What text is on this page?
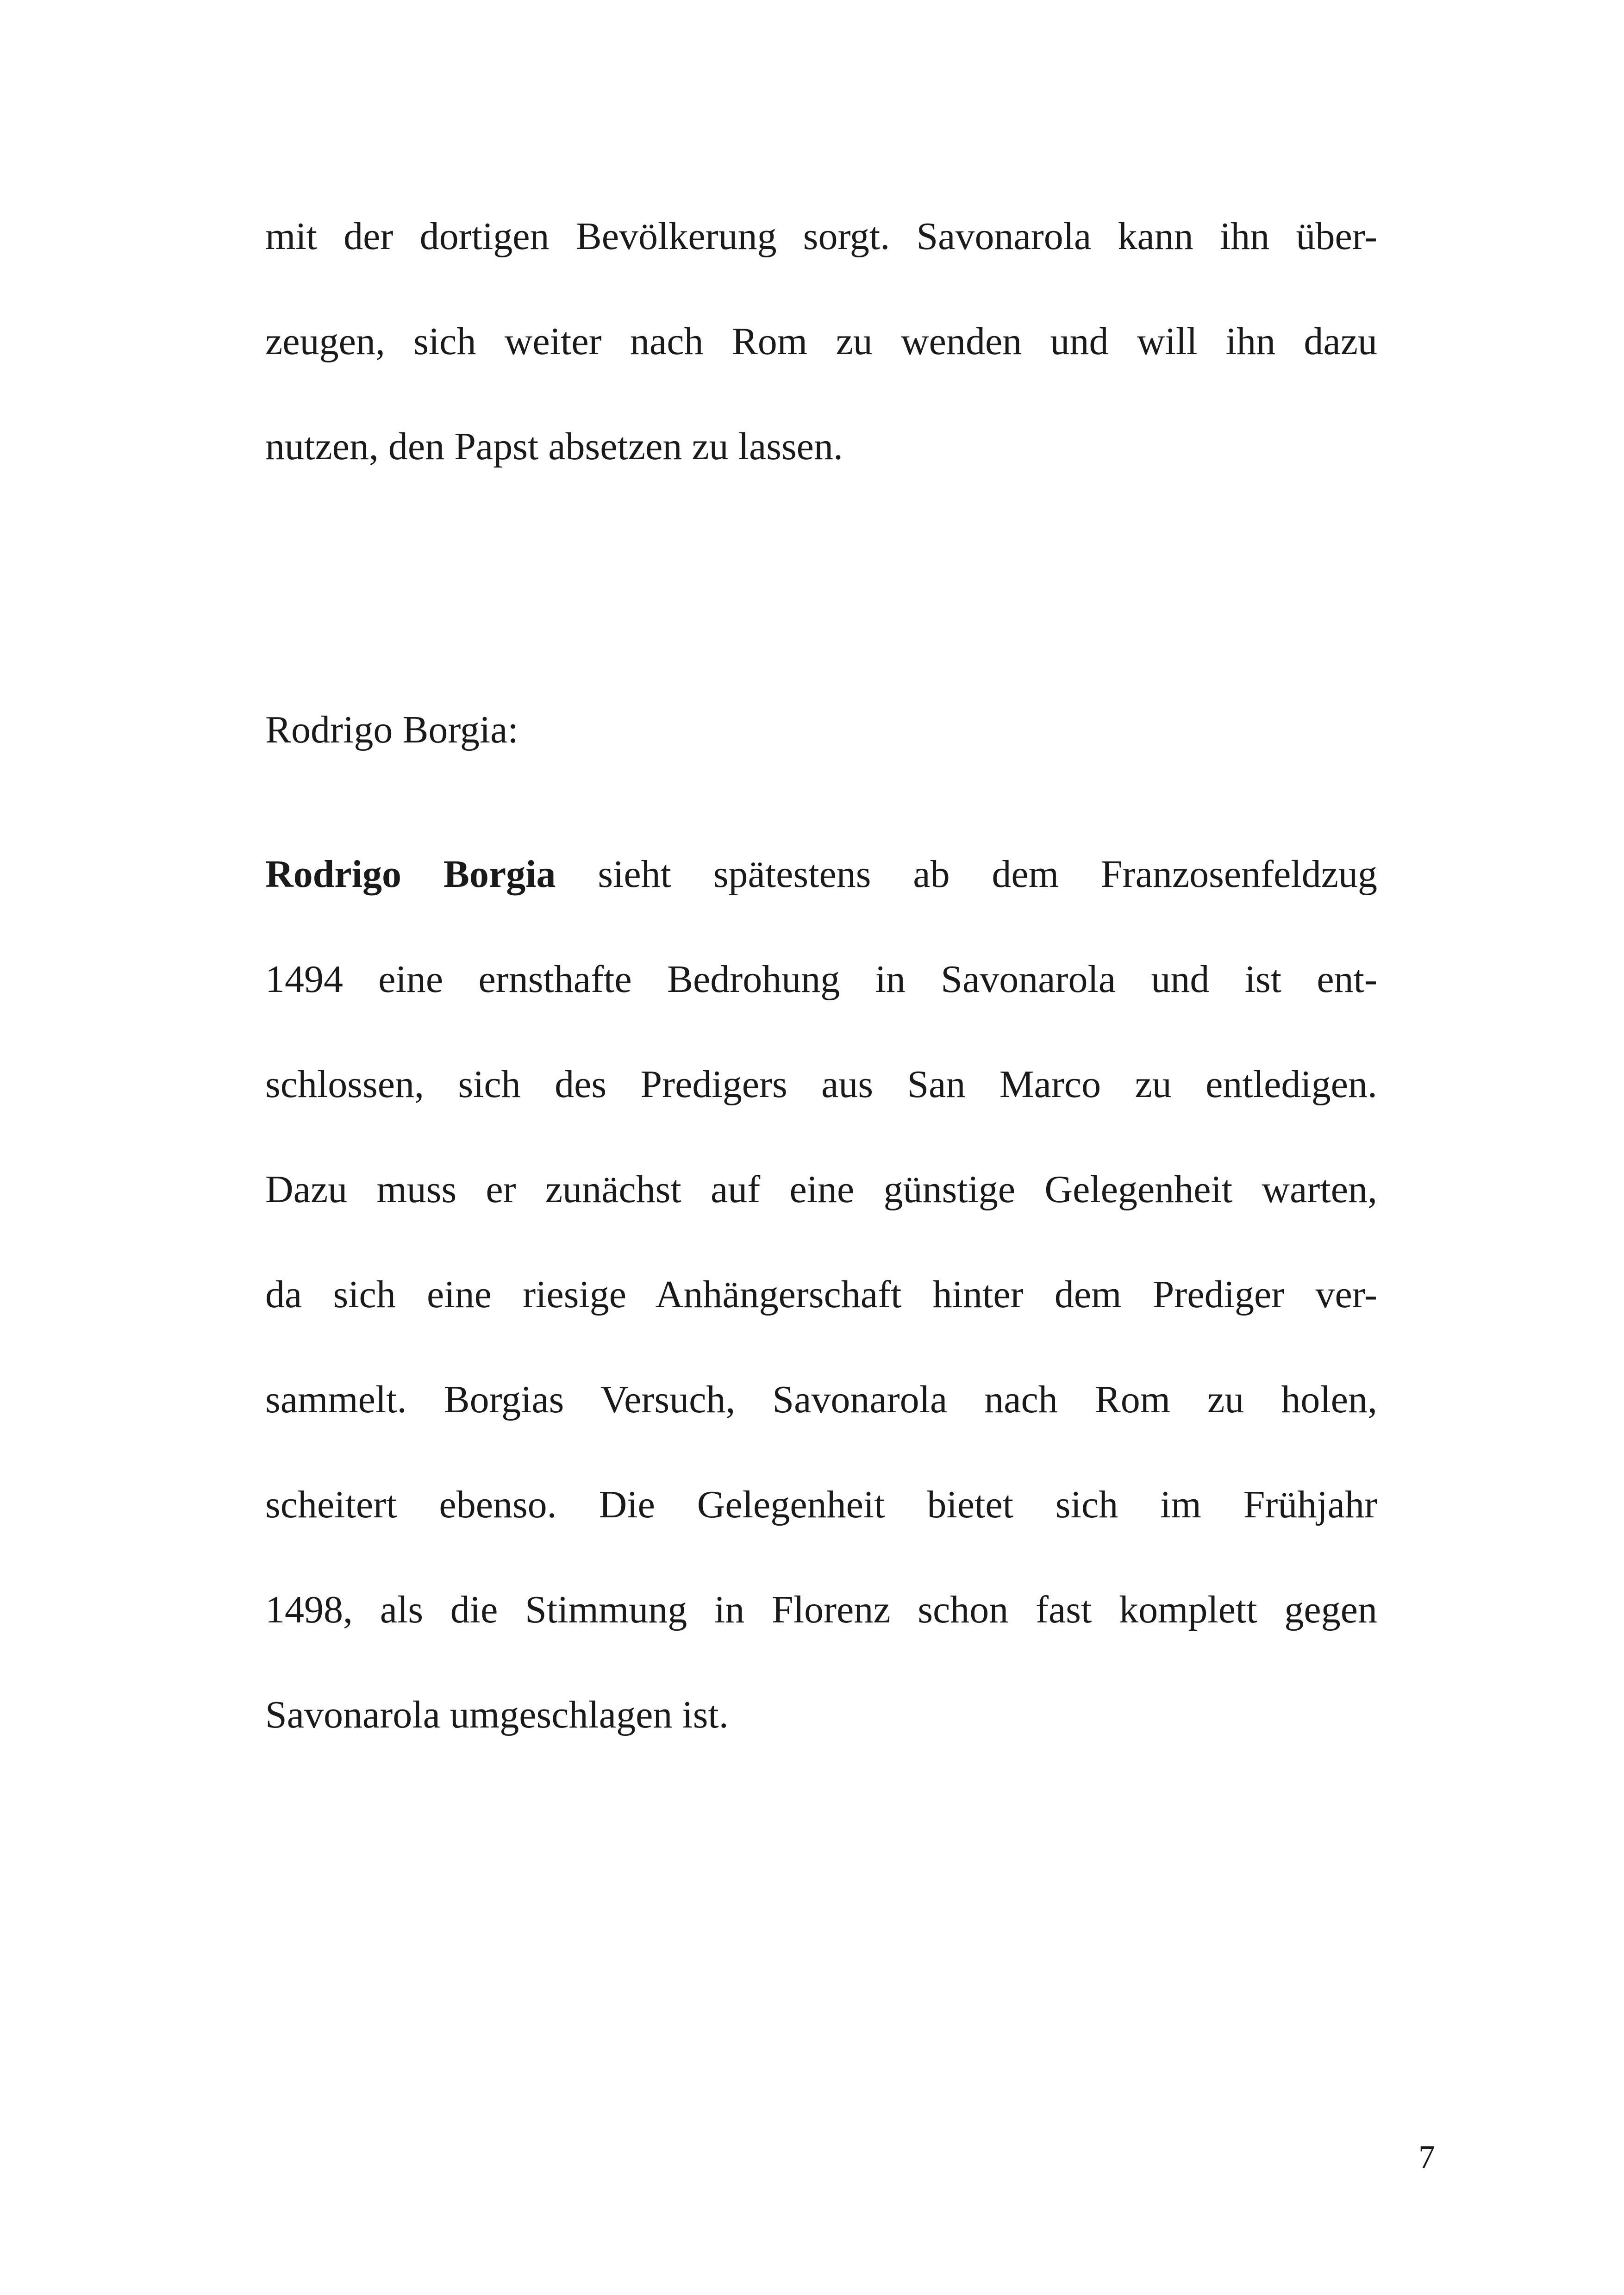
mit der dortigen Bevölkerung sorgt. Savonarola kann ihn über-
zeugen, sich weiter nach Rom zu wenden und will ihn dazu
nutzen, den Papst absetzen zu lassen.
Rodrigo Borgia:
Rodrigo Borgia sieht spätestens ab dem Franzosenfeldzug
1494 eine ernsthafte Bedrohung in Savonarola und ist ent-
schlossen, sich des Predigers aus San Marco zu entledigen.
Dazu muss er zunächst auf eine günstige Gelegenheit warten,
da sich eine riesige Anhängerschaft hinter dem Prediger ver-
sammelt. Borgias Versuch, Savonarola nach Rom zu holen,
scheitert ebenso. Die Gelegenheit bietet sich im Frühjahr
1498, als die Stimmung in Florenz schon fast komplett gegen
Savonarola umgeschlagen ist.
7
